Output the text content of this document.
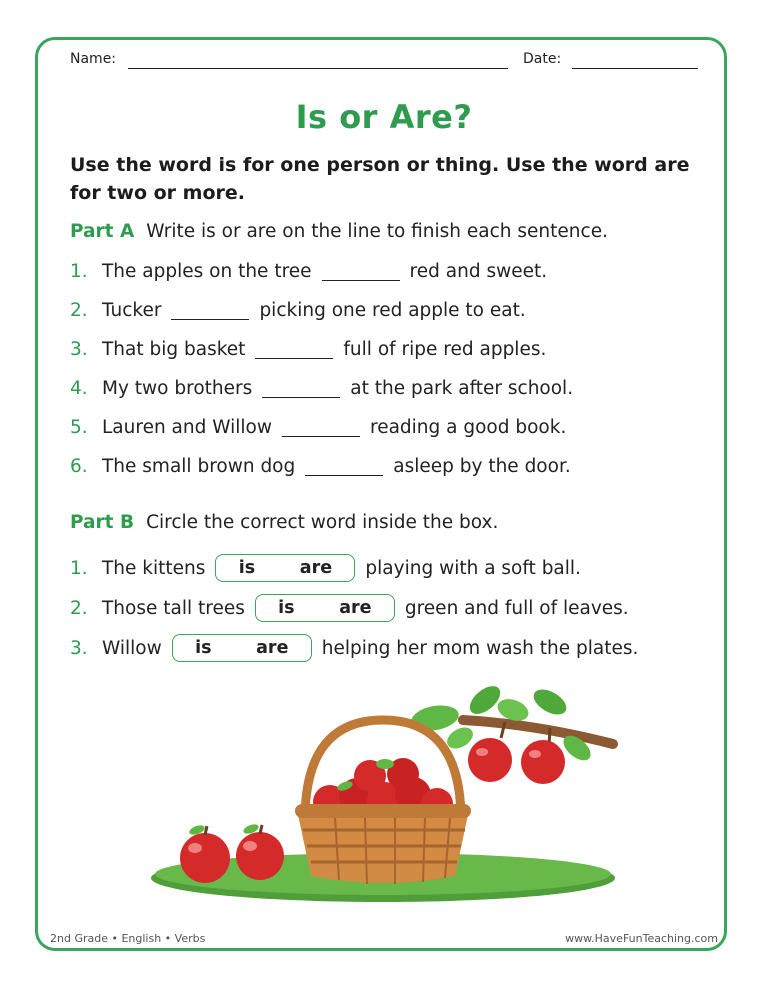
Name:	Date:
Is or Are?
Use the word is for one person or thing. Use the word are for two or more.
Part A Write is or are on the line to finish each sentence.
1. The apples on the tree	red and sweet.
2. Tucker	picking one red apple to eat.
3. That big basket	full of ripe red apples.
4. My two brothers	at the park after school.
5. Lauren and Willow	reading a good book.
6. The small brown dog	asleep by the door.
Part B Circle the correct word inside the box.
1. The kittens is	are playing with a soft ball.
2. Those tall trees is	are green and full of leaves.
3. Willow is	are helping her mom wash the plates.
2nd Grade • English • Verbs	www.HaveFunTeaching.com
